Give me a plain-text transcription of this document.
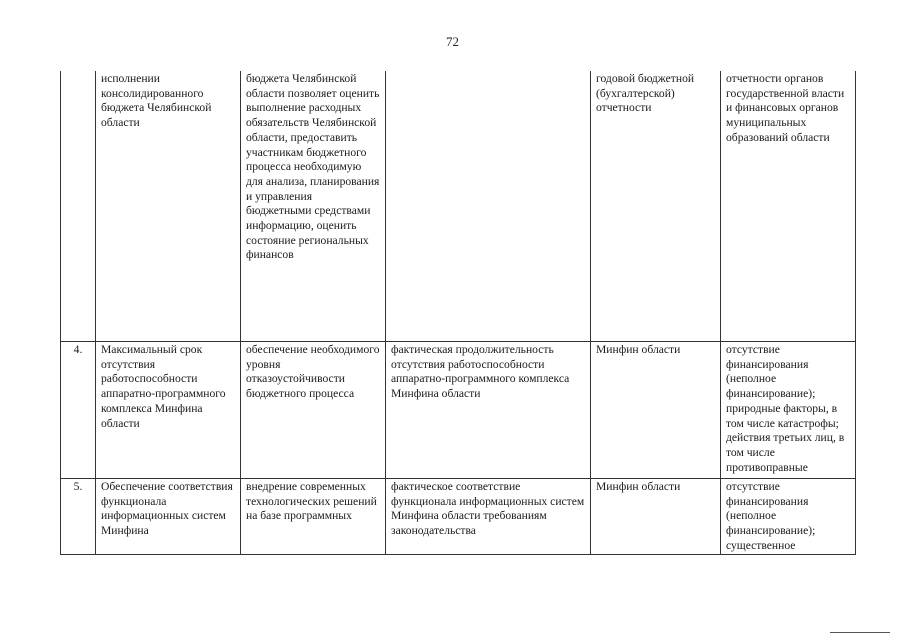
72
	исполнении консолидированного бюджета Челябинской области	бюджета Челябинской области позволяет оценить выполнение расходных обязательств Челябинской области, предоставить участникам бюджетного процесса необходимую для анализа, планирования и управления бюджетными средствами информацию, оценить состояние региональных финансов		годовой бюджетной (бухгалтерской) отчетности	отчетности органов государственной власти и финансовых органов муниципальных образований области
4.	Максимальный срок отсутствия работоспособности аппаратно-программного комплекса Минфина области	обеспечение необходимого уровня отказоустойчивости бюджетного процесса	фактическая продолжительность отсутствия работоспособности аппаратно-программного комплекса Минфина области	Минфин области	отсутствие финансирования (неполное финансирование); природные факторы, в том числе катастрофы; действия третьих лиц, в том числе противоправные
5.	Обеспечение соответствия функционала информационных систем Минфина	внедрение современных технологических решений на базе программных	фактическое соответствие функционала информационных систем Минфина области требованиям законодательства	Минфин области	отсутствие финансирования (неполное финансирование); существенное
